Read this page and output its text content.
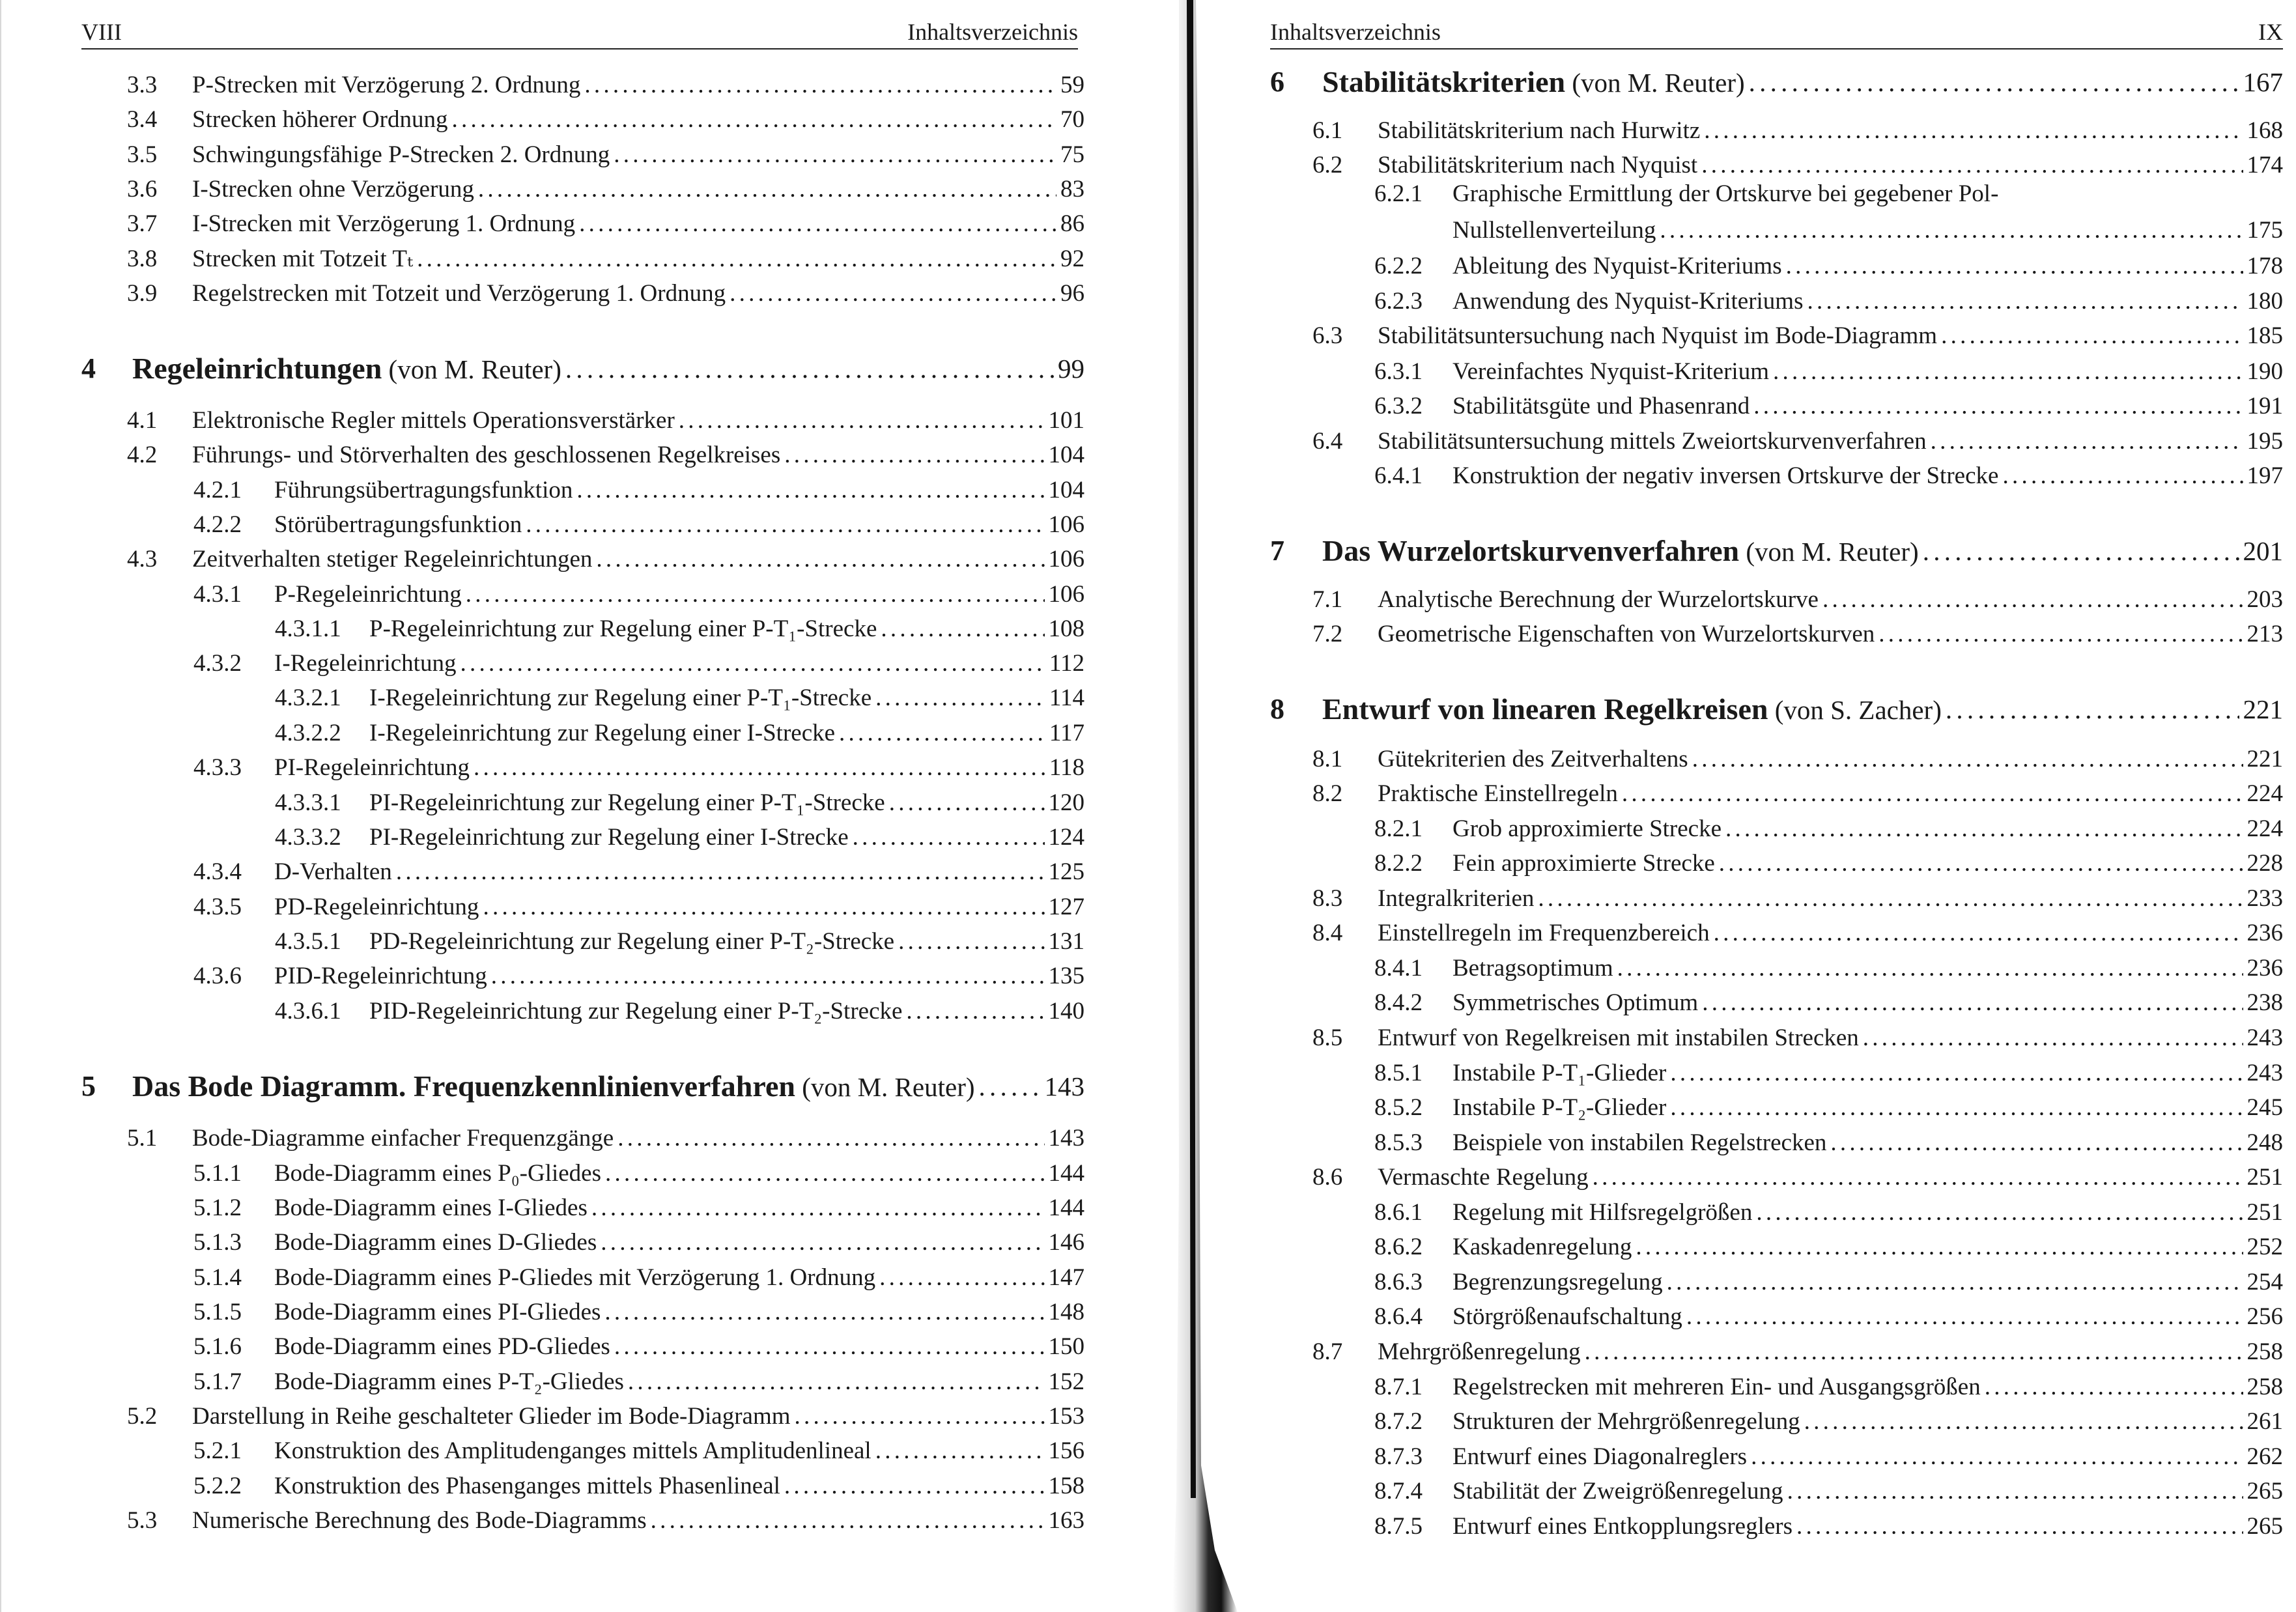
VIII	Inhaltsverzeichnis
3.3 P-Strecken mit Verzögerung 2. Ordnung . . .	59
3.4 Strecken höherer Ordnung . . .	70
3.5 Schwingungsfähige P-Strecken 2. Ordnung . . .	75
3.6 I-Strecken ohne Verzögerung . . .	83
3.7 I-Strecken mit Verzögerung 1. Ordnung . . .	86
3.8 Strecken mit Totzeit Tₜ . . .	92
3.9 Regelstrecken mit Totzeit und Verzögerung 1. Ordnung . . .	96
4 Regeleinrichtungen (von M. Reuter) . . .	99
4.1 Elektronische Regler mittels Operationsverstärker . . .	101
4.2 Führungs- und Störverhalten des geschlossenen Regelkreises . . .	104
4.2.1 Führungsübertragungsfunktion . . .	104
4.2.2 Störübertragungsfunktion . . .	106
4.3 Zeitverhalten stetiger Regeleinrichtungen . . .	106
4.3.1 P-Regeleinrichtung . . .	106
4.3.1.1 P-Regeleinrichtung zur Regelung einer P-T₁-Strecke . . .	108
4.3.2 I-Regeleinrichtung . . .	112
4.3.2.1 I-Regeleinrichtung zur Regelung einer P-T₁-Strecke . . .	114
4.3.2.2 I-Regeleinrichtung zur Regelung einer I-Strecke . . .	117
4.3.3 PI-Regeleinrichtung . . .	118
4.3.3.1 PI-Regeleinrichtung zur Regelung einer P-T₁-Strecke . . .	120
4.3.3.2 PI-Regeleinrichtung zur Regelung einer I-Strecke . . .	124
4.3.4 D-Verhalten . . .	125
4.3.5 PD-Regeleinrichtung . . .	127
4.3.5.1 PD-Regeleinrichtung zur Regelung einer P-T₂-Strecke . . .	131
4.3.6 PID-Regeleinrichtung . . .	135
4.3.6.1 PID-Regeleinrichtung zur Regelung einer P-T₂-Strecke . . .	140
5 Das Bode Diagramm. Frequenzkennlinienverfahren (von M. Reuter) . . .	143
5.1 Bode-Diagramme einfacher Frequenzgänge . . .	143
5.1.1 Bode-Diagramm eines P₀-Gliedes . . .	144
5.1.2 Bode-Diagramm eines I-Gliedes . . .	144
5.1.3 Bode-Diagramm eines D-Gliedes . . .	146
5.1.4 Bode-Diagramm eines P-Gliedes mit Verzögerung 1. Ordnung . . .	147
5.1.5 Bode-Diagramm eines PI-Gliedes . . .	148
5.1.6 Bode-Diagramm eines PD-Gliedes . . .	150
5.1.7 Bode-Diagramm eines P-T₂-Gliedes . . .	152
5.2 Darstellung in Reihe geschalteter Glieder im Bode-Diagramm . . .	153
5.2.1 Konstruktion des Amplitudenganges mittels Amplitudenlineal . . .	156
5.2.2 Konstruktion des Phasenganges mittels Phasenlineal . . .	158
5.3 Numerische Berechnung des Bode-Diagramms . . .	163
Inhaltsverzeichnis	IX
6 Stabilitätskriterien (von M. Reuter) . . .	167
6.1 Stabilitätskriterium nach Hurwitz . . .	168
6.2 Stabilitätskriterium nach Nyquist . . .	174
6.2.1 Graphische Ermittlung der Ortskurve bei gegebener Pol-
Nullstellenverteilung . . .	175
6.2.2 Ableitung des Nyquist-Kriteriums . . .	178
6.2.3 Anwendung des Nyquist-Kriteriums . . .	180
6.3 Stabilitätsuntersuchung nach Nyquist im Bode-Diagramm . . .	185
6.3.1 Vereinfachtes Nyquist-Kriterium . . .	190
6.3.2 Stabilitätsgüte und Phasenrand . . .	191
6.4 Stabilitätsuntersuchung mittels Zweiortskurvenverfahren . . .	195
6.4.1 Konstruktion der negativ inversen Ortskurve der Strecke . . .	197
7 Das Wurzelortskurvenverfahren (von M. Reuter) . . .	201
7.1 Analytische Berechnung der Wurzelortskurve . . .	203
7.2 Geometrische Eigenschaften von Wurzelortskurven . . .	213
8 Entwurf von linearen Regelkreisen (von S. Zacher) . . .	221
8.1 Gütekriterien des Zeitverhaltens . . .	221
8.2 Praktische Einstellregeln . . .	224
8.2.1 Grob approximierte Strecke . . .	224
8.2.2 Fein approximierte Strecke . . .	228
8.3 Integralkriterien . . .	233
8.4 Einstellregeln im Frequenzbereich . . .	236
8.4.1 Betragsoptimum . . .	236
8.4.2 Symmetrisches Optimum . . .	238
8.5 Entwurf von Regelkreisen mit instabilen Strecken . . .	243
8.5.1 Instabile P-T₁-Glieder . . .	243
8.5.2 Instabile P-T₂-Glieder . . .	245
8.5.3 Beispiele von instabilen Regelstrecken . . .	248
8.6 Vermaschte Regelung . . .	251
8.6.1 Regelung mit Hilfsregelgrößen . . .	251
8.6.2 Kaskadenregelung . . .	252
8.6.3 Begrenzungsregelung . . .	254
8.6.4 Störgrößenaufschaltung . . .	256
8.7 Mehrgrößenregelung . . .	258
8.7.1 Regelstrecken mit mehreren Ein- und Ausgangsgrößen . . .	258
8.7.2 Strukturen der Mehrgrößenregelung . . .	261
8.7.3 Entwurf eines Diagonalreglers . . .	262
8.7.4 Stabilität der Zweigrößenregelung . . .	265
8.7.5 Entwurf eines Entkopplungsreglers . . .	265
